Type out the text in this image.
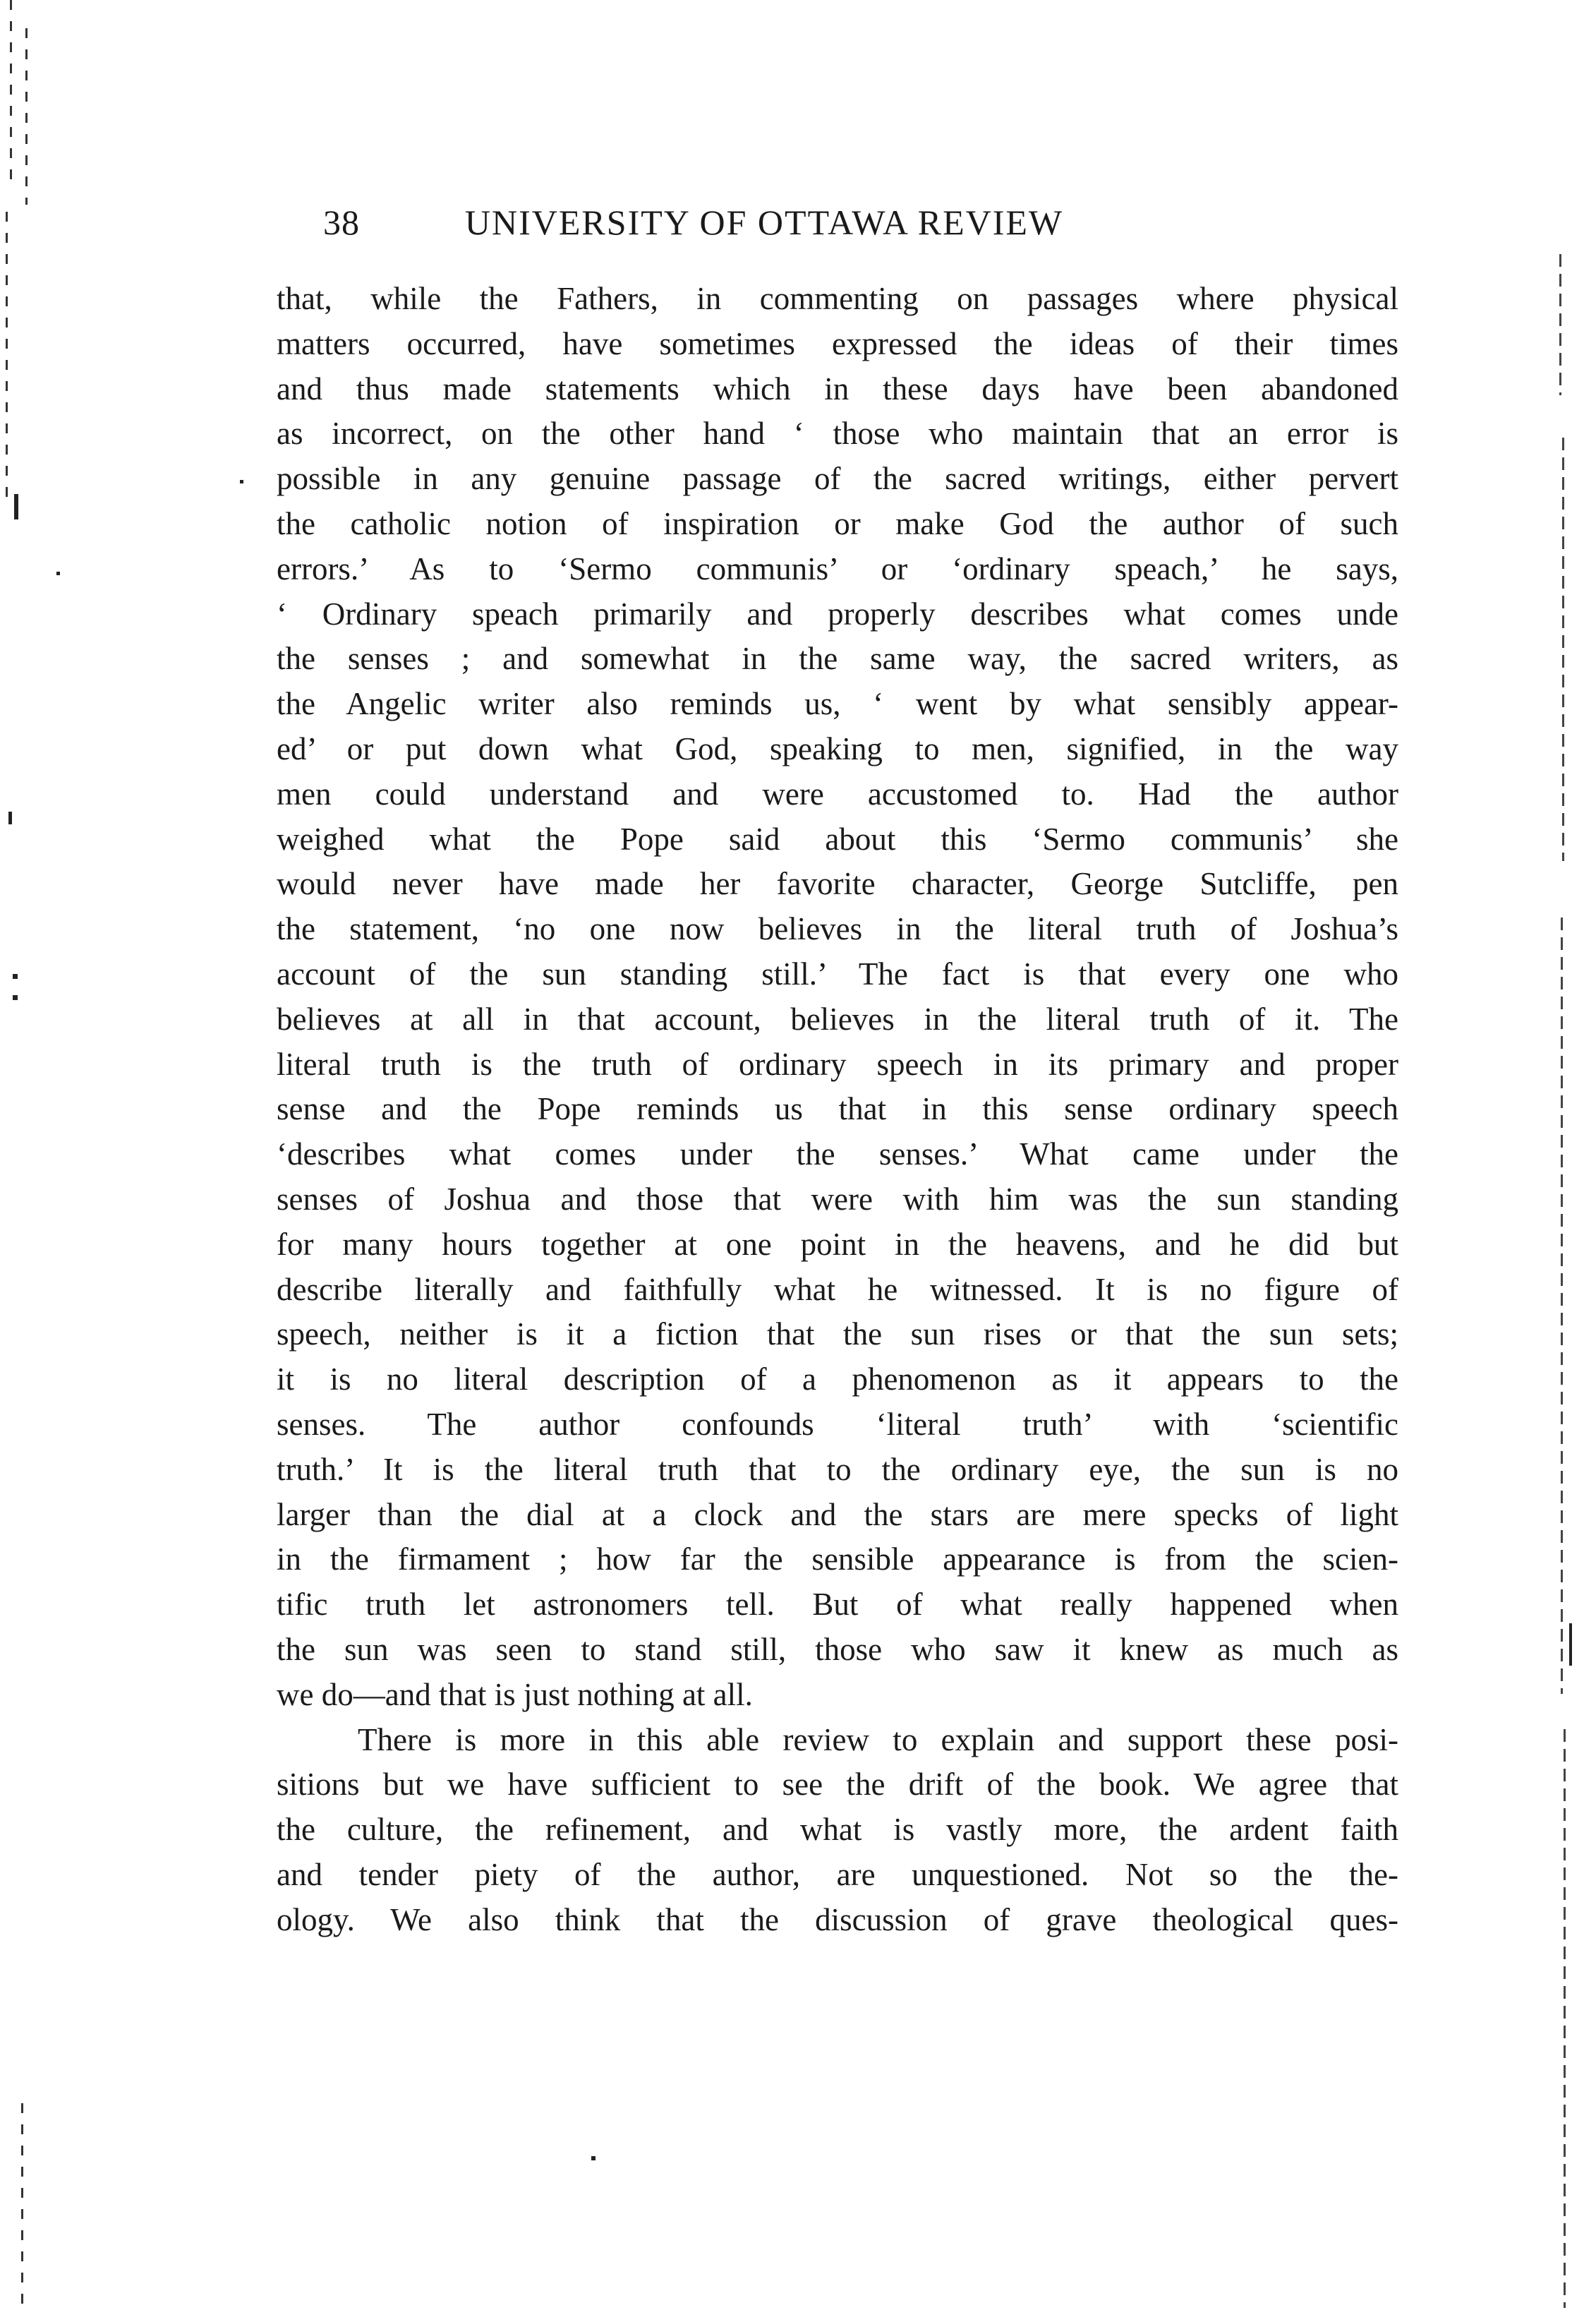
38	UNIVERSITY OF OTTAWA REVIEW
that, while the Fathers, in commenting on passages where physical
matters occurred, have sometimes expressed the ideas of their times
and thus made statements which in these days have been abandoned
as incorrect, on the other hand ‘ those who maintain that an error is
possible in any genuine passage of the sacred writings, either pervert
the catholic notion of inspiration or make God the author of such
errors.’ As to ‘Sermo communis’ or ‘ordinary speach,’ he says,
‘ Ordinary speach primarily and properly describes what comes unde
the senses ; and somewhat in the same way, the sacred writers, as
the Angelic writer also reminds us, ‘ went by what sensibly appear-
ed’ or put down what God, speaking to men, signified, in the way
men could understand and were accustomed to. Had the author
weighed what the Pope said about this ‘Sermo communis’ she
would never have made her favorite character, George Sutcliffe, pen
the statement, ‘no one now believes in the literal truth of Joshua’s
account of the sun standing still.’ The fact is that every one who
believes at all in that account, believes in the literal truth of it. The
literal truth is the truth of ordinary speech in its primary and proper
sense and the Pope reminds us that in this sense ordinary speech
‘describes what comes under the senses.’ What came under the
senses of Joshua and those that were with him was the sun standing
for many hours together at one point in the heavens, and he did but
describe literally and faithfully what he witnessed. It is no figure of
speech, neither is it a fiction that the sun rises or that the sun sets;
it is no literal description of a phenomenon as it appears to the
senses. The author confounds ‘literal truth’ with ‘scientific
truth.’ It is the literal truth that to the ordinary eye, the sun is no
larger than the dial at a clock and the stars are mere specks of light
in the firmament ; how far the sensible appearance is from the scien-
tific truth let astronomers tell. But of what really happened when
the sun was seen to stand still, those who saw it knew as much as
we do—and that is just nothing at all.
There is more in this able review to explain and support these posi-
sitions but we have sufficient to see the drift of the book. We agree that
the culture, the refinement, and what is vastly more, the ardent faith
and tender piety of the author, are unquestioned. Not so the the-
ology. We also think that the discussion of grave theological ques-
